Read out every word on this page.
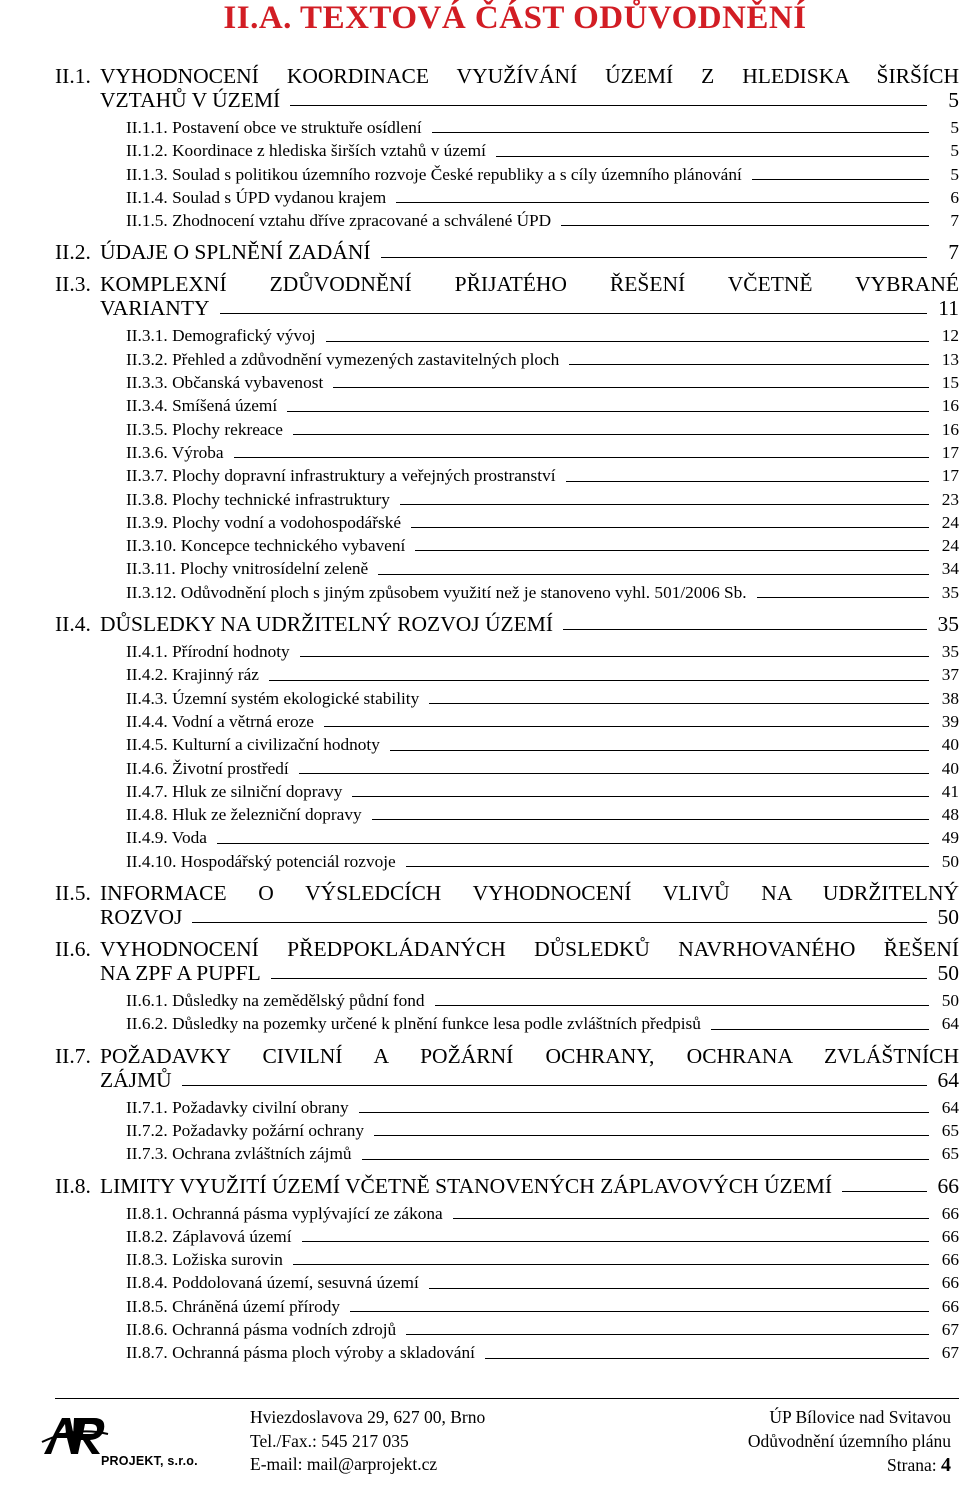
II.A. TEXTOVÁ ČÁST ODŮVODNĚNÍ
II.1. VYHODNOCENÍ KOORDINACE VYUŽÍVÁNÍ ÚZEMÍ Z HLEDISKA ŠIRŠÍCH
VZTAHŮ V ÚZEMÍ	5
II.1.1. Postavení obce ve struktuře osídlení	5
II.1.2. Koordinace z hlediska širších vztahů v území	5
II.1.3. Soulad s politikou územního rozvoje České republiky a s cíly územního plánování	5
II.1.4. Soulad s ÚPD vydanou krajem	6
II.1.5. Zhodnocení vztahu dříve zpracované a schválené ÚPD	7
II.2. ÚDAJE O SPLNĚNÍ ZADÁNÍ	7
II.3. KOMPLEXNÍ ZDŮVODNĚNÍ PŘIJATÉHO ŘEŠENÍ VČETNĚ VYBRANÉ
VARIANTY	11
II.3.1. Demografický vývoj	12
II.3.2. Přehled a zdůvodnění vymezených zastavitelných ploch	13
II.3.3. Občanská vybavenost	15
II.3.4. Smíšená území	16
II.3.5. Plochy rekreace	16
II.3.6. Výroba	17
II.3.7. Plochy dopravní infrastruktury a veřejných prostranství	17
II.3.8. Plochy technické infrastruktury	23
II.3.9. Plochy vodní a vodohospodářské	24
II.3.10. Koncepce technického vybavení	24
II.3.11. Plochy vnitrosídelní zeleně	34
II.3.12. Odůvodnění ploch s jiným způsobem využití než je stanoveno vyhl. 501/2006 Sb.	35
II.4. DŮSLEDKY NA UDRŽITELNÝ ROZVOJ ÚZEMÍ	35
II.4.1. Přírodní hodnoty	35
II.4.2. Krajinný ráz	37
II.4.3. Územní systém ekologické stability	38
II.4.4. Vodní a větrná eroze	39
II.4.5. Kulturní a civilizační hodnoty	40
II.4.6. Životní prostředí	40
II.4.7. Hluk ze silniční dopravy	41
II.4.8. Hluk ze železniční dopravy	48
II.4.9. Voda	49
II.4.10. Hospodářský potenciál rozvoje	50
II.5. INFORMACE O VÝSLEDCÍCH VYHODNOCENÍ VLIVŮ NA UDRŽITELNÝ
ROZVOJ	50
II.6. VYHODNOCENÍ PŘEDPOKLÁDANÝCH DŮSLEDKŮ NAVRHOVANÉHO ŘEŠENÍ
NA ZPF A PUPFL	50
II.6.1. Důsledky na zemědělský půdní fond	50
II.6.2. Důsledky na pozemky určené k plnění funkce lesa podle zvláštních předpisů	64
II.7. POŽADAVKY CIVILNÍ A POŽÁRNÍ OCHRANY, OCHRANA ZVLÁŠTNÍCH
ZÁJMŮ	64
II.7.1. Požadavky civilní obrany	64
II.7.2. Požadavky požární ochrany	65
II.7.3. Ochrana zvláštních zájmů	65
II.8. LIMITY VYUŽITÍ ÚZEMÍ VČETNĚ STANOVENÝCH ZÁPLAVOVÝCH ÚZEMÍ	66
II.8.1. Ochranná pásma vyplývající ze zákona	66
II.8.2. Záplavová území	66
II.8.3. Ložiska surovin	66
II.8.4. Poddolovaná území, sesuvná území	66
II.8.5. Chráněná území přírody	66
II.8.6. Ochranná pásma vodních zdrojů	67
II.8.7. Ochranná pásma ploch výroby a skladování	67
PROJEKT, s.r.o.
Hviezdoslavova 29, 627 00, Brno
Tel./Fax.: 545 217 035
E-mail: mail@arprojekt.cz
ÚP Bílovice nad Svitavou
Odůvodnění územního plánu
Strana: 4
